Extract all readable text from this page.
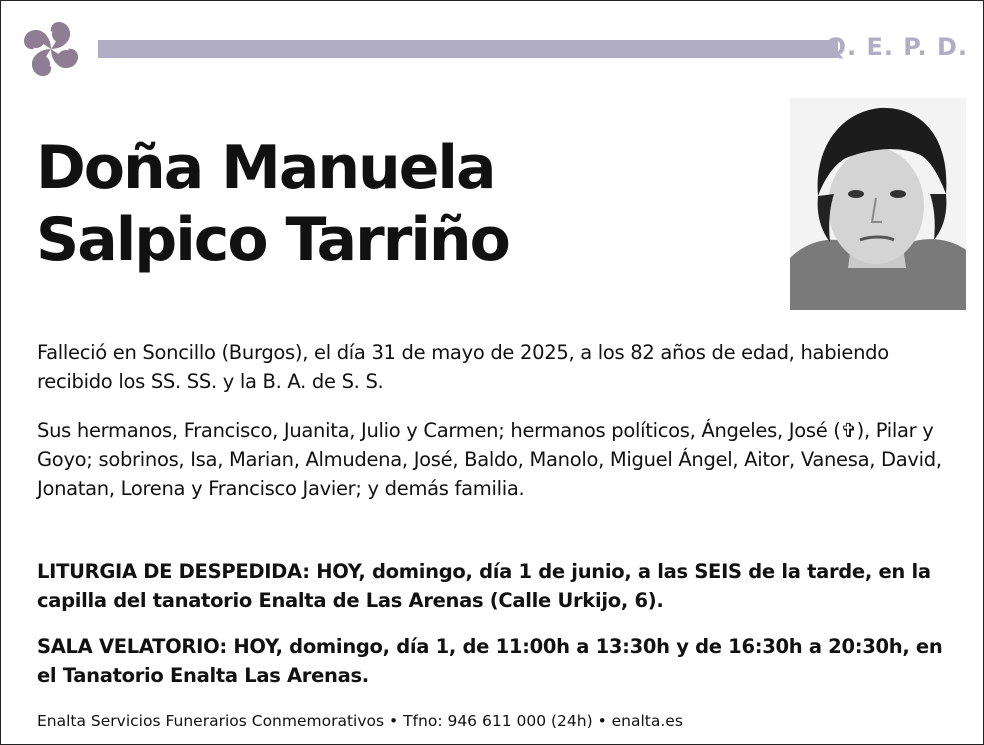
Q. E. P. D.
Doña Manuela
Salpico Tarriño
Falleció en Soncillo (Burgos), el día 31 de mayo de 2025, a los 82 años de edad, habiendo recibido los SS. SS. y la B. A. de S. S.
Sus hermanos, Francisco, Juanita, Julio y Carmen; hermanos políticos, Ángeles, José (✞), Pilar y Goyo; sobrinos, Isa, Marian, Almudena, José, Baldo, Manolo, Miguel Ángel, Aitor, Vanesa, David, Jonatan, Lorena y Francisco Javier; y demás familia.
LITURGIA DE DESPEDIDA: HOY, domingo, día 1 de junio, a las SEIS de la tarde, en la capilla del tanatorio Enalta de Las Arenas (Calle Urkijo, 6).
SALA VELATORIO: HOY, domingo, día 1, de 11:00h a 13:30h y de 16:30h a 20:30h, en el Tanatorio Enalta Las Arenas.
Enalta Servicios Funerarios Conmemorativos • Tfno: 946 611 000 (24h) • enalta.es
